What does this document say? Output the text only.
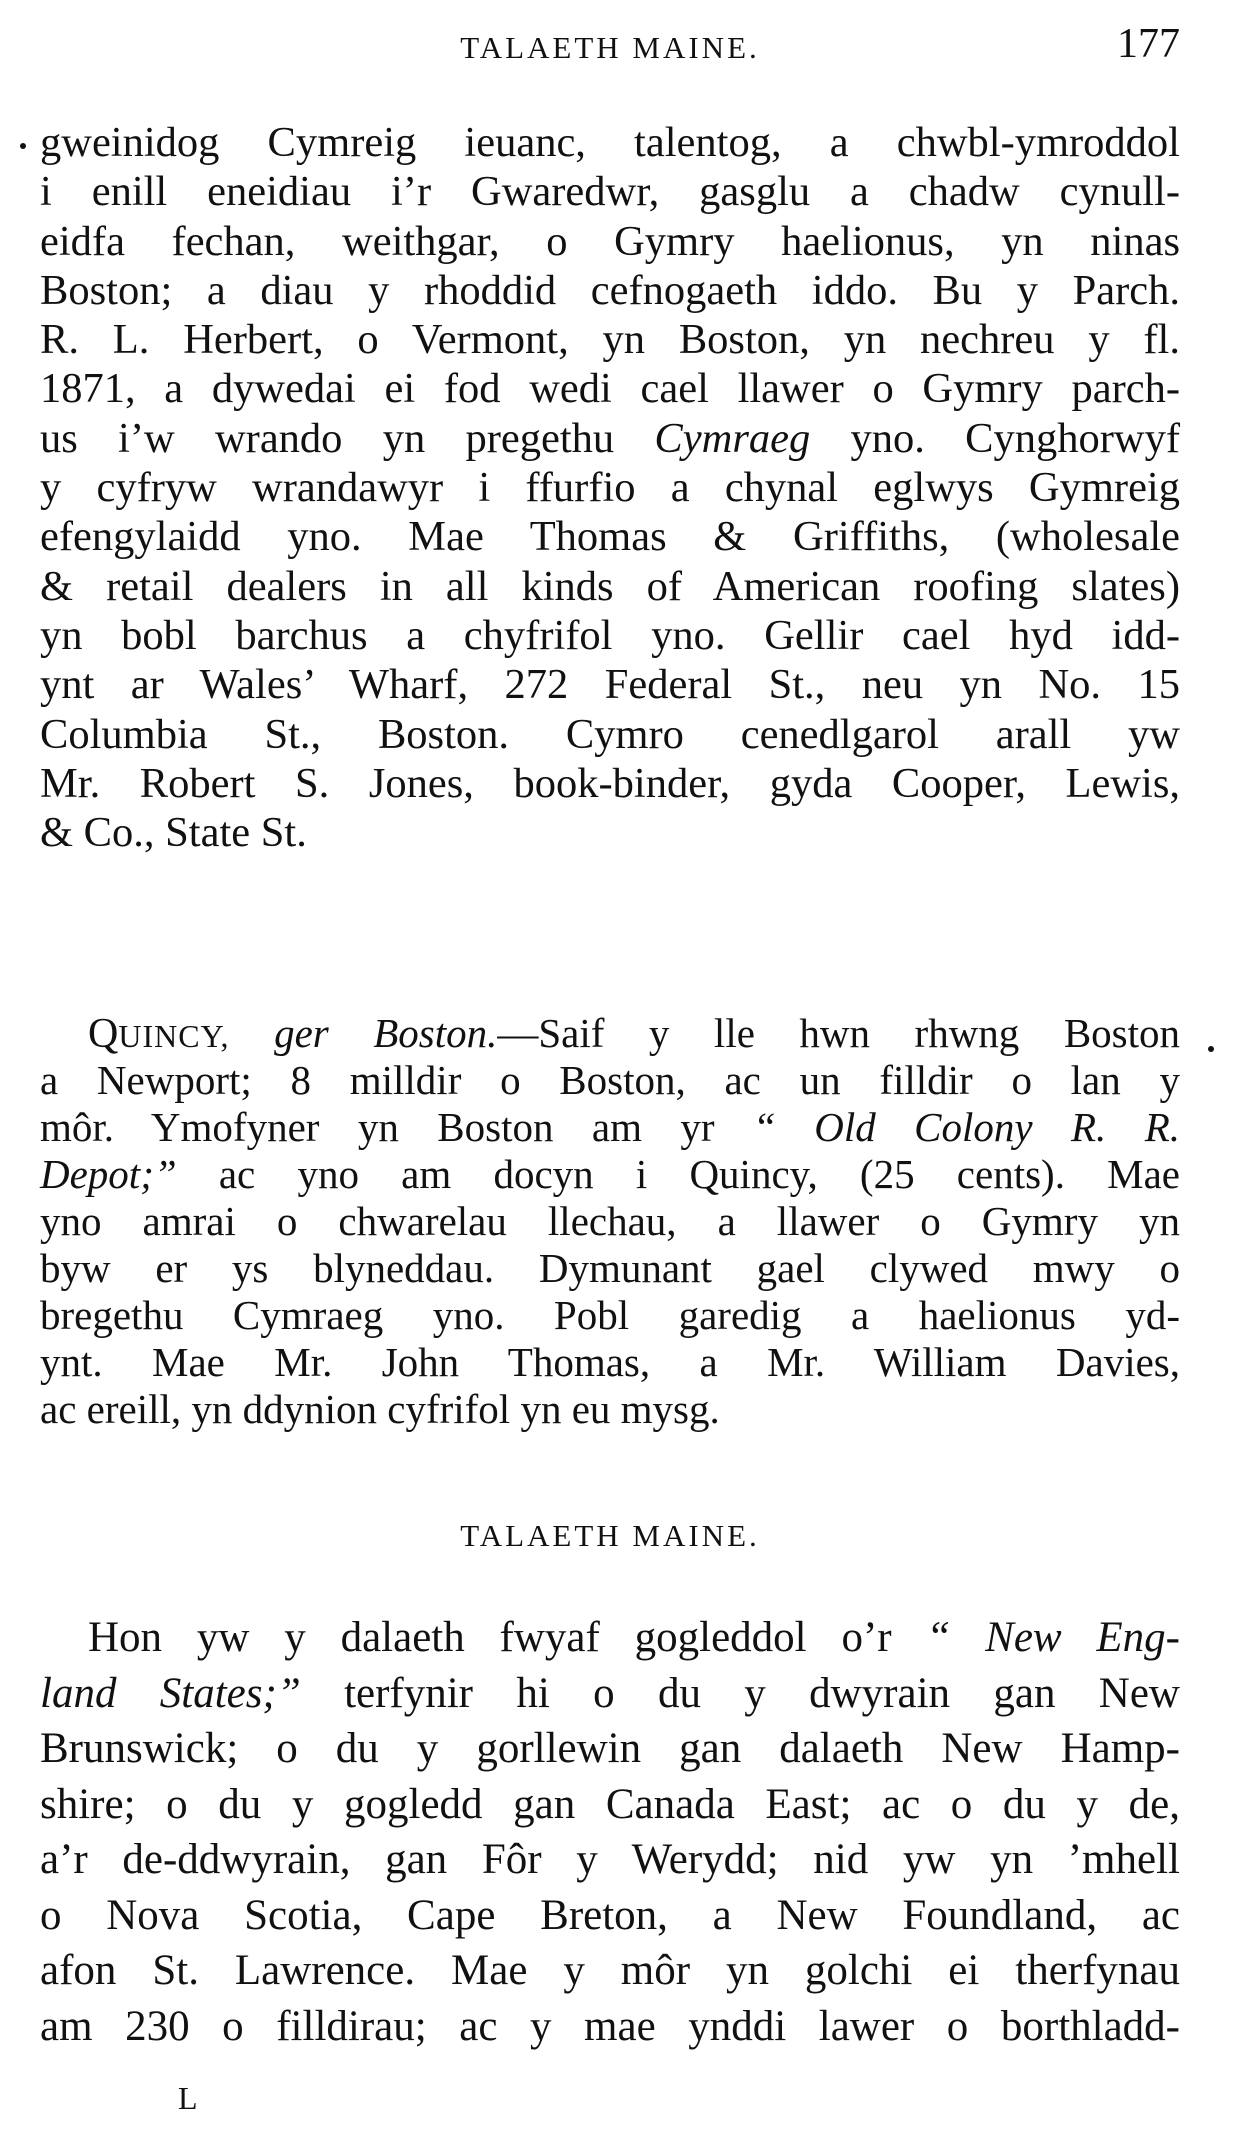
TALAETH MAINE.	177
gweinidog Cymreig ieuanc, talentog, a chwbl-ymroddol
i enill eneidiau i’r Gwaredwr, gasglu a chadw cynull-
eidfa fechan, weithgar, o Gymry haelionus, yn ninas
Boston; a diau y rhoddid cefnogaeth iddo. Bu y Parch.
R. L. Herbert, o Vermont, yn Boston, yn nechreu y fl.
1871, a dywedai ei fod wedi cael llawer o Gymry parch-
us i’w wrando yn pregethu Cymraeg yno. Cynghorwyf
y cyfryw wrandawyr i ffurfio a chynal eglwys Gymreig
efengylaidd yno. Mae Thomas & Griffiths, (wholesale
& retail dealers in all kinds of American roofing slates)
yn bobl barchus a chyfrifol yno. Gellir cael hyd idd-
ynt ar Wales’ Wharf, 272 Federal St., neu yn No. 15
Columbia St., Boston. Cymro cenedlgarol arall yw
Mr. Robert S. Jones, book-binder, gyda Cooper, Lewis,
& Co., State St.
QUINCY, ger Boston.—Saif y lle hwn rhwng Boston
a Newport; 8 milldir o Boston, ac un filldir o lan y
môr. Ymofyner yn Boston am yr “ Old Colony R. R.
Depot;” ac yno am docyn i Quincy, (25 cents). Mae
yno amrai o chwarelau llechau, a llawer o Gymry yn
byw er ys blyneddau. Dymunant gael clywed mwy o
bregethu Cymraeg yno. Pobl garedig a haelionus yd-
ynt. Mae Mr. John Thomas, a Mr. William Davies,
ac ereill, yn ddynion cyfrifol yn eu mysg.
TALAETH MAINE.
Hon yw y dalaeth fwyaf gogleddol o’r “ New Eng-
land States;” terfynir hi o du y dwyrain gan New
Brunswick; o du y gorllewin gan dalaeth New Hamp-
shire; o du y gogledd gan Canada East; ac o du y de,
a’r de-ddwyrain, gan Fôr y Werydd; nid yw yn ’mhell
o Nova Scotia, Cape Breton, a New Foundland, ac
afon St. Lawrence. Mae y môr yn golchi ei therfynau
am 230 o filldirau; ac y mae ynddi lawer o borthladd-
L
